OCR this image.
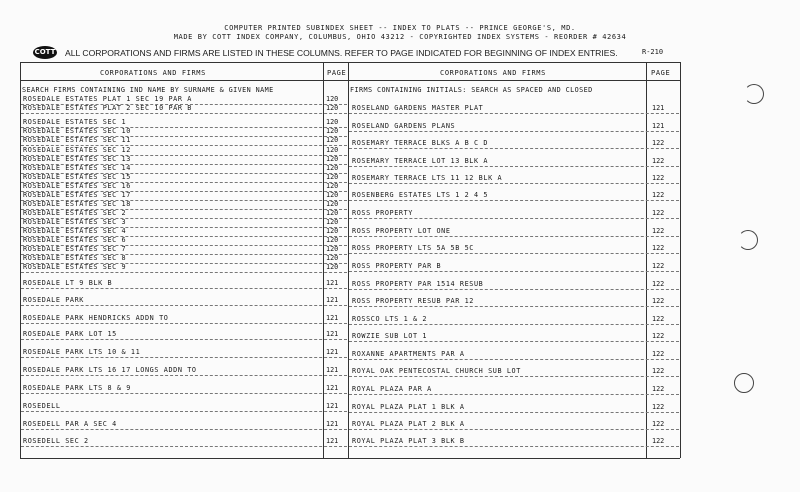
COMPUTER PRINTED SUBINDEX SHEET -- INDEX TO PLATS -- PRINCE GEORGE'S, MD.
MADE BY COTT INDEX COMPANY, COLUMBUS, OHIO 43212 - COPYRIGHTED INDEX SYSTEMS - REORDER # 42634
COTT ALL CORPORATIONS AND FIRMS ARE LISTED IN THESE COLUMNS. REFER TO PAGE INDICATED FOR BEGINNING OF INDEX ENTRIES.	R-210
CORPORATIONS AND FIRMS	PAGE	CORPORATIONS AND FIRMS	PAGE
SEARCH FIRMS CONTAINING IND NAME BY SURNAME & GIVEN NAME	FIRMS CONTAINING INITIALS: SEARCH AS SPACED AND CLOSED
ROSEDALE ESTATES PLAT 1 SEC 19 PAR A	120
ROSEDALE ESTATES PLAT 2 SEC 10 PAR B	120
ROSEDALE ESTATES SEC 1	120
ROSEDALE ESTATES SEC 10	120
ROSEDALE ESTATES SEC 11	120
ROSEDALE ESTATES SEC 12	120
ROSEDALE ESTATES SEC 13	120
ROSEDALE ESTATES SEC 14	120
ROSEDALE ESTATES SEC 15	120
ROSEDALE ESTATES SEC 16	120
ROSEDALE ESTATES SEC 17	120
ROSEDALE ESTATES SEC 18	120
ROSEDALE ESTATES SEC 2	120
ROSEDALE ESTATES SEC 3	120
ROSEDALE ESTATES SEC 4	120
ROSEDALE ESTATES SEC 6	120
ROSEDALE ESTATES SEC 7	120
ROSEDALE ESTATES SEC 8	120
ROSEDALE ESTATES SEC 9	120
ROSEDALE LT 9 BLK B	121
ROSEDALE PARK	121
ROSEDALE PARK HENDRICKS ADDN TO	121
ROSEDALE PARK LOT 15	121
ROSEDALE PARK LTS 10 & 11	121
ROSEDALE PARK LTS 16 17 LONGS ADDN TO	121
ROSEDALE PARK LTS 8 & 9	121
ROSEDELL	121
ROSEDELL PAR A SEC 4	121
ROSEDELL SEC 2	121
ROSELAND GARDENS MASTER PLAT	121
ROSELAND GARDENS PLANS	121
ROSEMARY TERRACE BLKS A B C D	122
ROSEMARY TERRACE LOT 13 BLK A	122
ROSEMARY TERRACE LTS 11 12 BLK A	122
ROSENBERG ESTATES LTS 1 2 4 5	122
ROSS PROPERTY	122
ROSS PROPERTY LOT ONE	122
ROSS PROPERTY LTS 5A 5B 5C	122
ROSS PROPERTY PAR B	122
ROSS PROPERTY PAR 1514 RESUB	122
ROSS PROPERTY RESUB PAR 12	122
ROSSCO LTS 1 & 2	122
ROWZIE SUB LOT 1	122
ROXANNE APARTMENTS PAR A	122
ROYAL OAK PENTECOSTAL CHURCH SUB LOT	122
ROYAL PLAZA PAR A	122
ROYAL PLAZA PLAT 1 BLK A	122
ROYAL PLAZA PLAT 2 BLK A	122
ROYAL PLAZA PLAT 3 BLK B	122
